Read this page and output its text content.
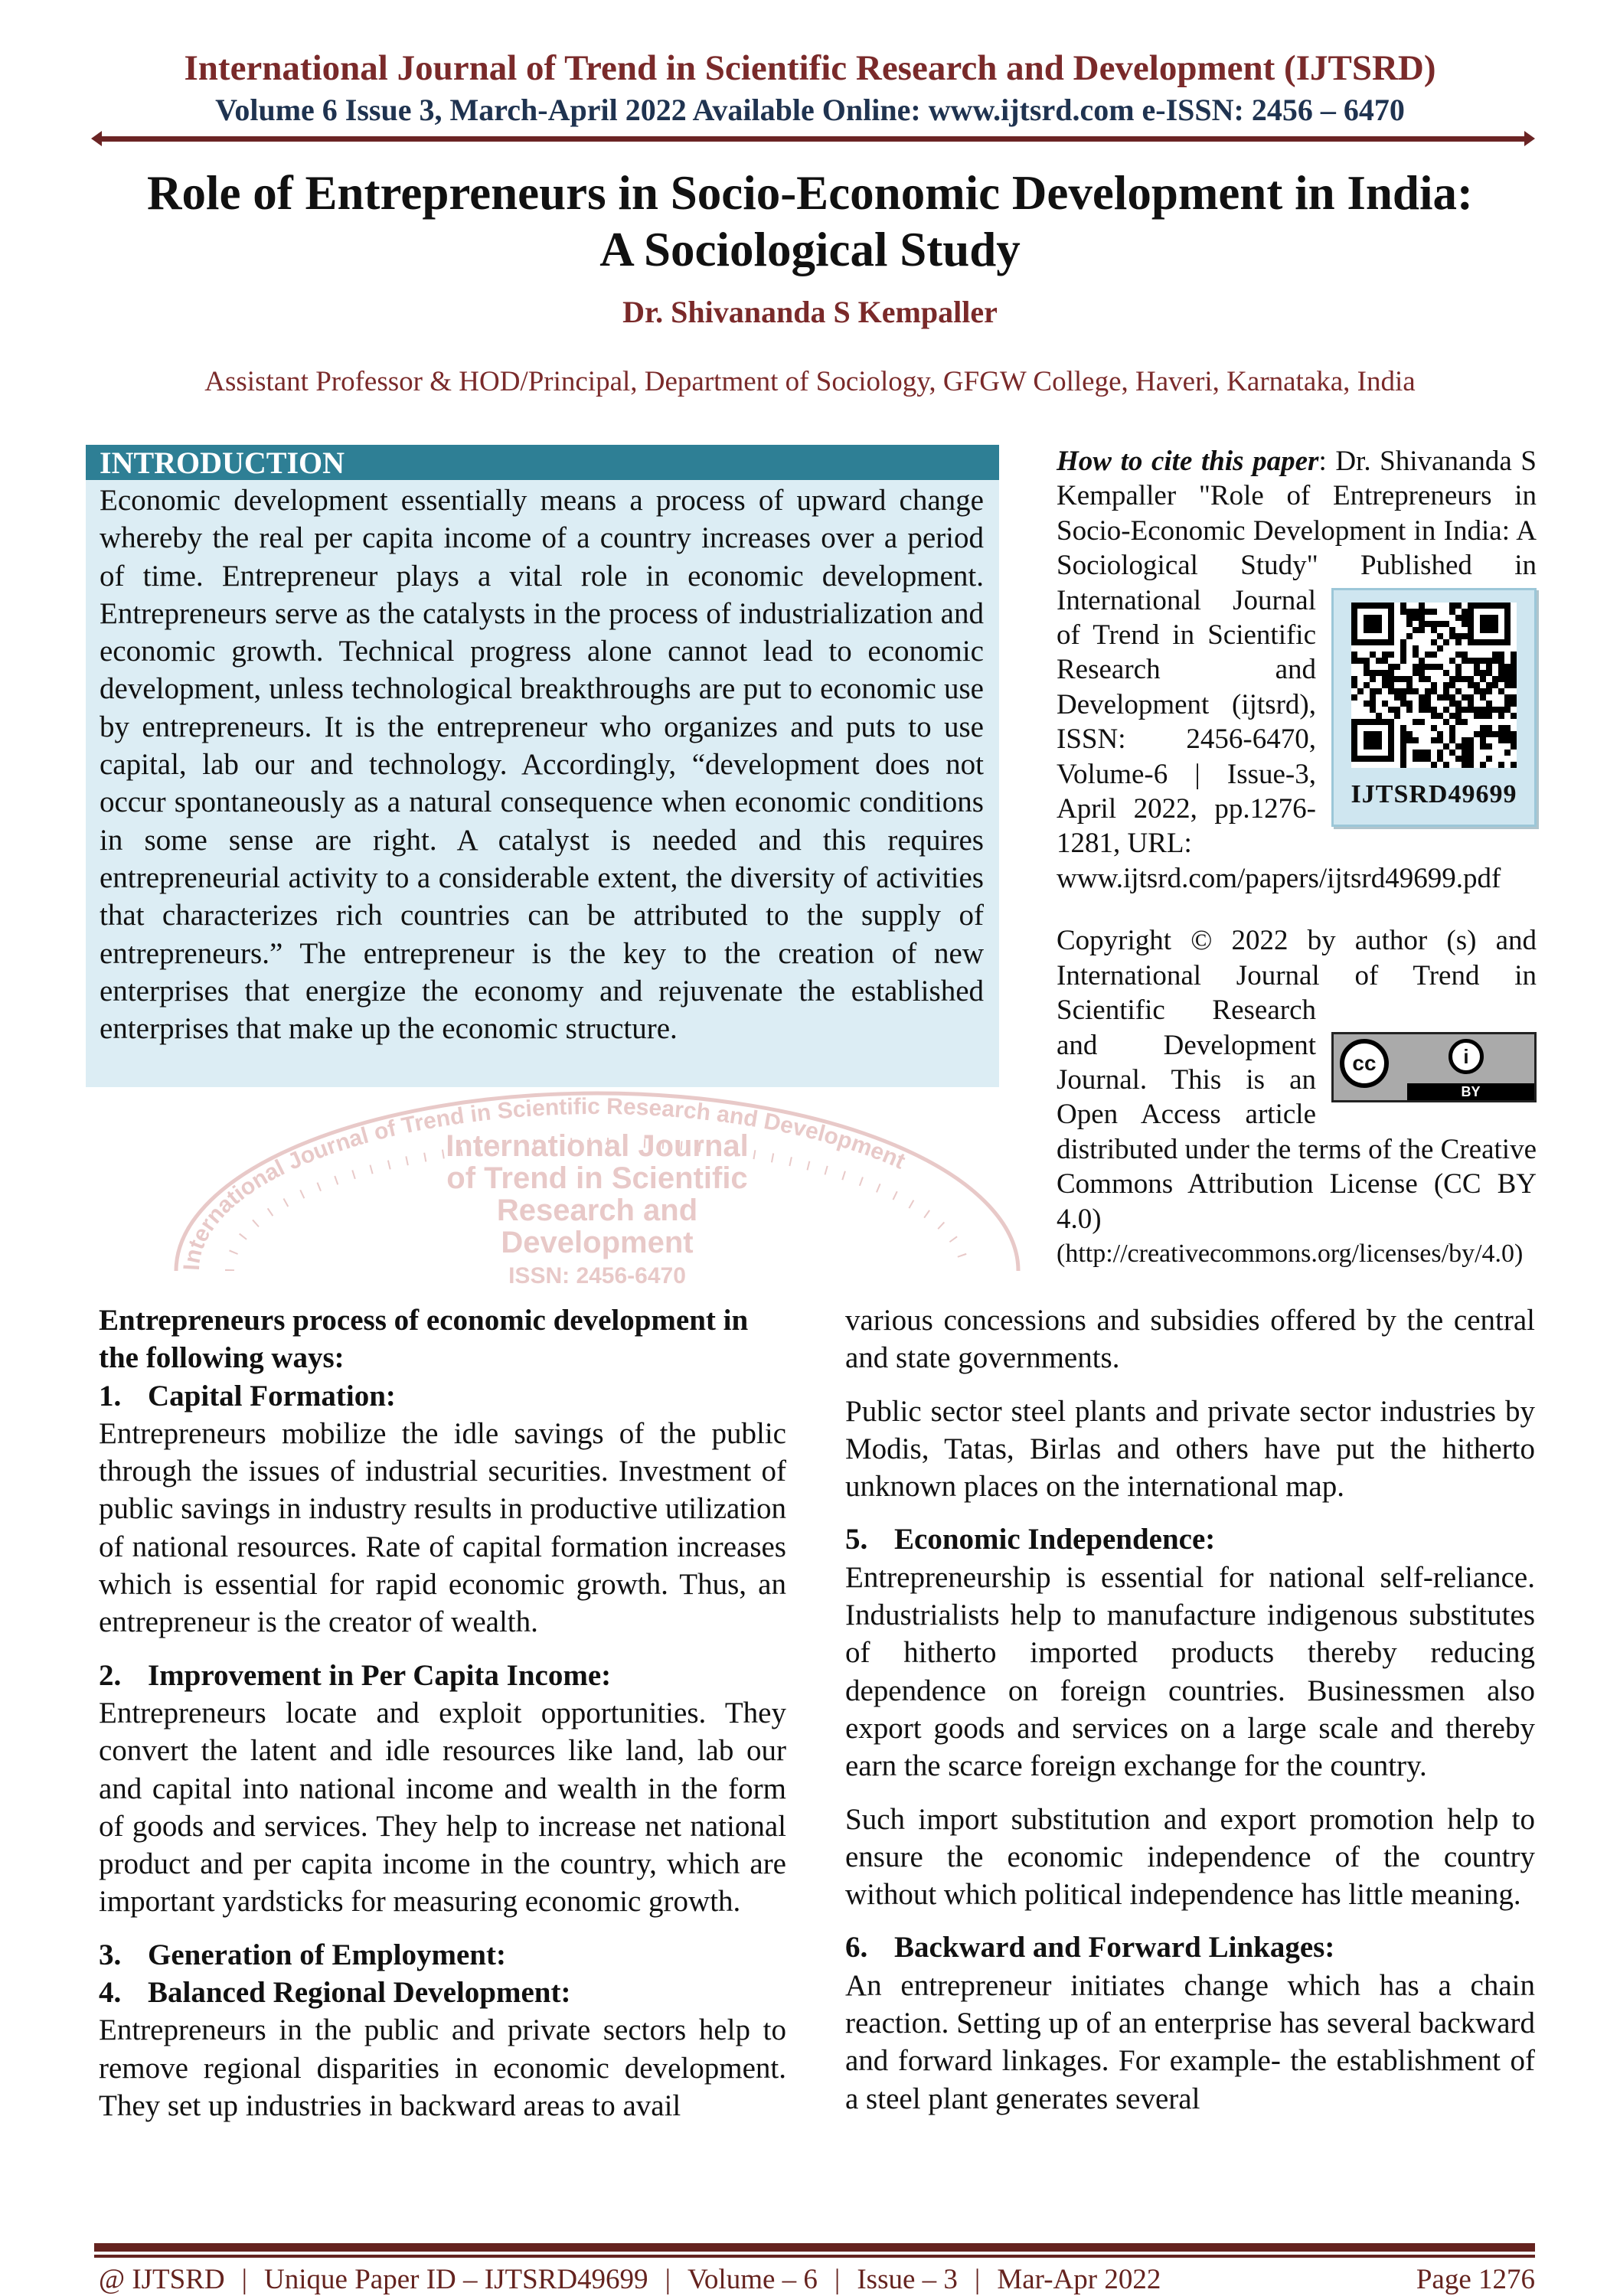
International Journal of Trend in Scientific Research and Development (IJTSRD)
Volume 6 Issue 3, March-April 2022 Available Online: www.ijtsrd.com e-ISSN: 2456 – 6470
Role of Entrepreneurs in Socio-Economic Development in India:
A Sociological Study
Dr. Shivananda S Kempaller
Assistant Professor & HOD/Principal, Department of Sociology, GFGW College, Haveri, Karnataka, India
International Journal of Trend in Scientific Research and Development
International Journal
of Trend in Scientific
Research and
Development
ISSN: 2456-6470
INTRODUCTION
Economic development essentially means a process of upward change whereby the real per capita income of a country increases over a period of time. Entrepreneur plays a vital role in economic development. Entrepreneurs serve as the catalysts in the process of industrialization and economic growth. Technical progress alone cannot lead to economic development, unless technological breakthroughs are put to economic use by entrepreneurs. It is the entrepreneur who organizes and puts to use capital, lab our and technology. Accordingly, “development does not occur spontaneously as a natural consequence when economic conditions in some sense are right. A catalyst is needed and this requires entrepreneurial activity to a considerable extent, the diversity of activities that characterizes rich countries can be attributed to the supply of entrepreneurs.” The entrepreneur is the key to the creation of new enterprises that energize the economy and rejuvenate the established enterprises that make up the economic structure.
IJTSRD49699

How to cite this paper: Dr. Shivananda S Kempaller "Role of Entrepreneurs in Socio-Economic Development in India: A Sociological Study" Published in International Journal of Trend in Scientific Research and Development (ijtsrd), ISSN: 2456-6470, Volume-6 | Issue-3, April 2022, pp.1276-1281, URL:

www.ijtsrd.com/papers/ijtsrd49699.pdf

cc	i
BY

Copyright © 2022 by author (s) and International Journal of Trend in Scientific Research and Development Journal. This is an Open Access article distributed under the terms of the Creative Commons Attribution License (CC BY 4.0)

(http://creativecommons.org/licenses/by/4.0)

Entrepreneurs process of economic development in the following ways:
1. Capital Formation:

Entrepreneurs mobilize the idle savings of the public through the issues of industrial securities. Investment of public savings in industry results in productive utilization of national resources. Rate of capital formation increases which is essential for rapid economic growth. Thus, an entrepreneur is the creator of wealth.

2. Improvement in Per Capita Income:

Entrepreneurs locate and exploit opportunities. They convert the latent and idle resources like land, lab our and capital into national income and wealth in the form of goods and services. They help to increase net national product and per capita income in the country, which are important yardsticks for measuring economic growth.

3. Generation of Employment:
4. Balanced Regional Development:

Entrepreneurs in the public and private sectors help to remove regional disparities in economic development. They set up industries in backward areas to avail

various concessions and subsidies offered by the central and state governments.

Public sector steel plants and private sector industries by Modis, Tatas, Birlas and others have put the hitherto unknown places on the international map.

5. Economic Independence:

Entrepreneurship is essential for national self-reliance. Industrialists help to manufacture indigenous substitutes of hitherto imported products thereby reducing dependence on foreign countries. Businessmen also export goods and services on a large scale and thereby earn the scarce foreign exchange for the country.

Such import substitution and export promotion help to ensure the economic independence of the country without which political independence has little meaning.

6. Backward and Forward Linkages:

An entrepreneur initiates change which has a chain reaction. Setting up of an enterprise has several backward and forward linkages. For example- the establishment of a steel plant generates several

@ IJTSRD | Unique Paper ID – IJTSRD49699 | Volume – 6 | Issue – 3 | Mar-Apr 2022	Page 1276
